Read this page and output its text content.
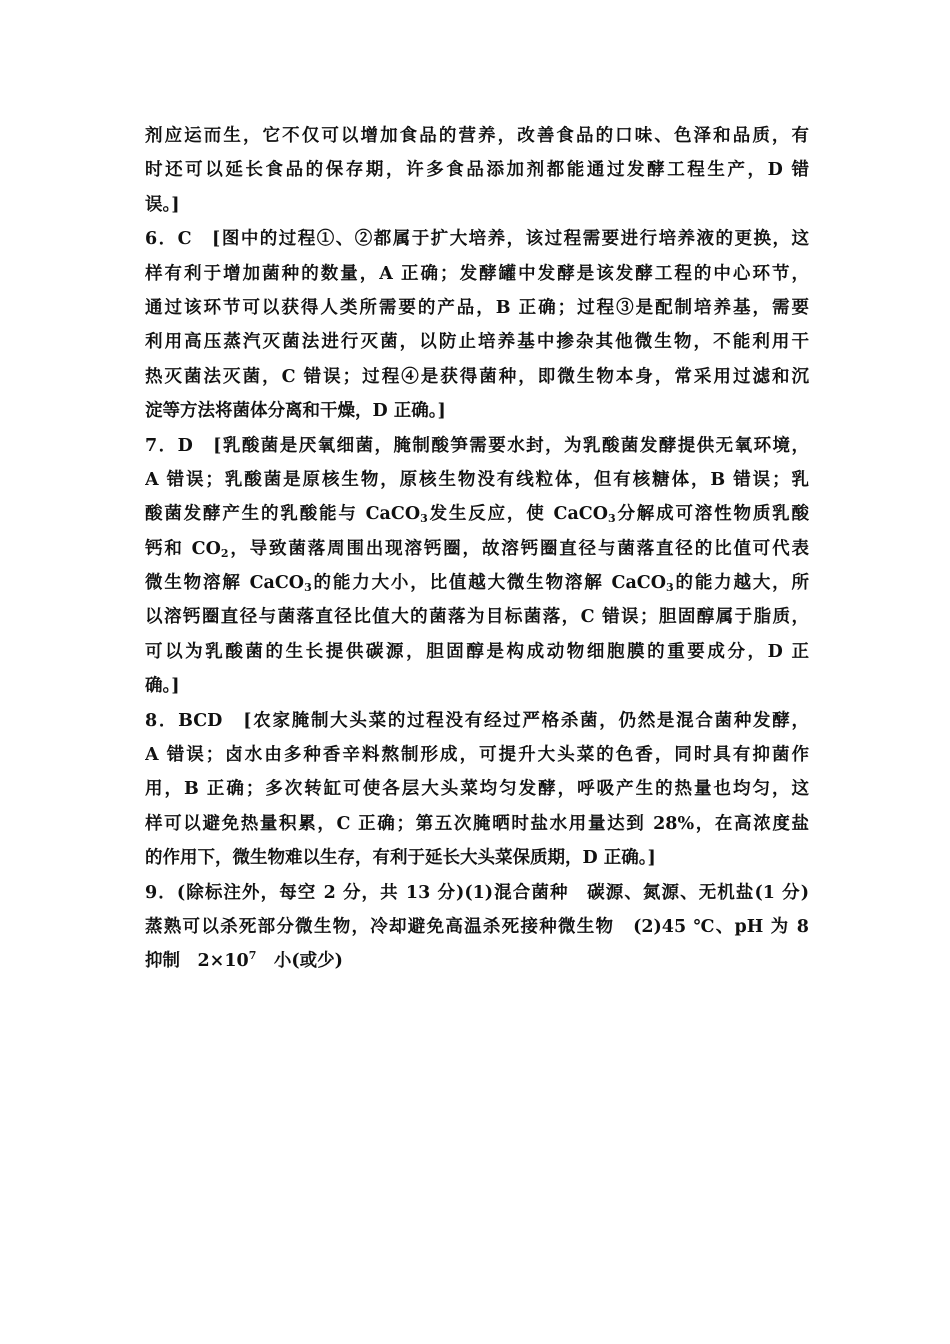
剂应运而生，它不仅可以增加食品的营养，改善食品的口味、色泽和品质，有
时还可以延长食品的保存期，许多食品添加剂都能通过发酵工程生产，D 错
误。]
6．C　[图中的过程①、②都属于扩大培养，该过程需要进行培养液的更换，这
样有利于增加菌种的数量，A 正确；发酵罐中发酵是该发酵工程的中心环节，
通过该环节可以获得人类所需要的产品，B 正确；过程③是配制培养基，需要
利用高压蒸汽灭菌法进行灭菌，以防止培养基中掺杂其他微生物，不能利用干
热灭菌法灭菌，C 错误；过程④是获得菌种，即微生物本身，常采用过滤和沉
淀等方法将菌体分离和干燥，D 正确。]
7．D　[乳酸菌是厌氧细菌，腌制酸笋需要水封，为乳酸菌发酵提供无氧环境，
A 错误；乳酸菌是原核生物，原核生物没有线粒体，但有核糖体，B 错误；乳
酸菌发酵产生的乳酸能与 CaCO$_3$发生反应，使 CaCO$_3$分解成可溶性物质乳酸
钙和 $CO_2$，导致菌落周围出现溶钙圈，故溶钙圈直径与菌落直径的比值可代表
微生物溶解 CaCO$_3$的能力大小，比值越大微生物溶解 CaCO$_3$的能力越大，所
以溶钙圈直径与菌落直径比值大的菌落为目标菌落，C 错误；胆固醇属于脂质，
可以为乳酸菌的生长提供碳源，胆固醇是构成动物细胞膜的重要成分，D 正
确。]
8．BCD　[农家腌制大头菜的过程没有经过严格杀菌，仍然是混合菌种发酵，
A 错误；卤水由多种香辛料熬制形成，可提升大头菜的色香，同时具有抑菌作
用，B 正确；多次转缸可使各层大头菜均匀发酵，呼吸产生的热量也均匀，这
样可以避免热量积累，C 正确；第五次腌晒时盐水用量达到 28%，在高浓度盐
的作用下，微生物难以生存，有利于延长大头菜保质期，D 正确。]
9．(除标注外，每空 2 分，共 13 分)(1)混合菌种　碳源、氮源、无机盐(1 分)
蒸熟可以杀死部分微生物，冷却避免高温杀死接种微生物　(2)45 ℃、pH 为 8
抑制　$2\times 10^7$　小(或少)
